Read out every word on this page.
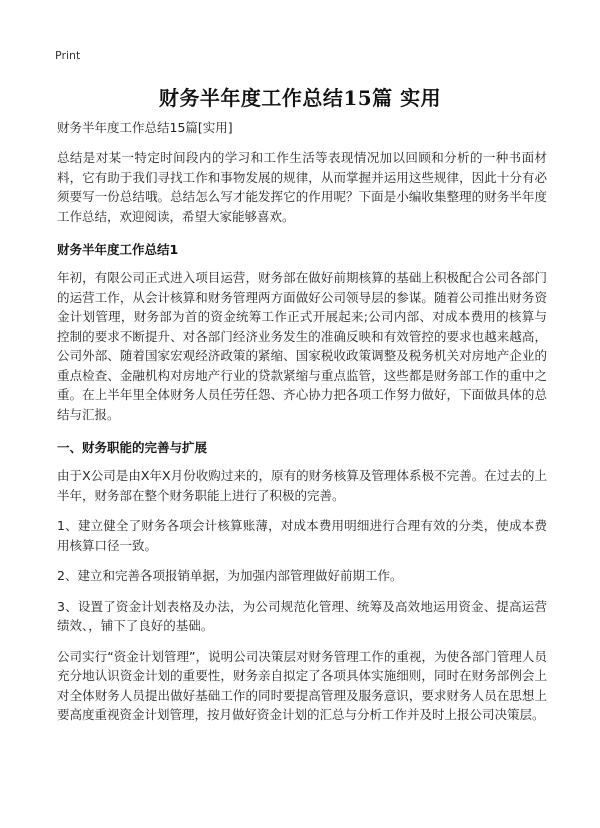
Print
财务半年度工作总结15篇 实用
财务半年度工作总结15篇[实用]

总结是对某一特定时间段内的学习和工作生活等表现情况加以回顾和分析的一种书面材料，它有助于我们寻找工作和事物发展的规律，从而掌握并运用这些规律，因此十分有必须要写一份总结哦。总结怎么写才能发挥它的作用呢？下面是小编收集整理的财务半年度工作总结，欢迎阅读，希望大家能够喜欢。

财务半年度工作总结1

年初，有限公司正式进入项目运营，财务部在做好前期核算的基础上积极配合公司各部门的运营工作，从会计核算和财务管理两方面做好公司领导层的参谋。随着公司推出财务资金计划管理，财务部为首的资金统筹工作正式开展起来;公司内部、对成本费用的核算与控制的要求不断提升、对各部门经济业务发生的准确反映和有效管控的要求也越来越高，公司外部、随着国家宏观经济政策的紧缩、国家税收政策调整及税务机关对房地产企业的重点检查、金融机构对房地产行业的贷款紧缩与重点监管，这些都是财务部工作的重中之重。在上半年里全体财务人员任劳任怨、齐心协力把各项工作努力做好，下面做具体的总结与汇报。

一、财务职能的完善与扩展

由于X公司是由X年X月份收购过来的，原有的财务核算及管理体系极不完善。在过去的上半年，财务部在整个财务职能上进行了积极的完善。

1、建立健全了财务各项会计核算账薄，对成本费用明细进行合理有效的分类，使成本费用核算口径一致。

2、建立和完善各项报销单据，为加强内部管理做好前期工作。

3、设置了资金计划表格及办法，为公司规范化管理、统筹及高效地运用资金、提高运营绩效、，铺下了良好的基础。

公司实行“资金计划管理”，说明公司决策层对财务管理工作的重视，为使各部门管理人员充分地认识资金计划的重要性，财务亲自拟定了各项具体实施细则，同时在财务部例会上对全体财务人员提出做好基础工作的同时要提高管理及服务意识，要求财务人员在思想上要高度重视资金计划管理，按月做好资金计划的汇总与分析工作并及时上报公司决策层。
